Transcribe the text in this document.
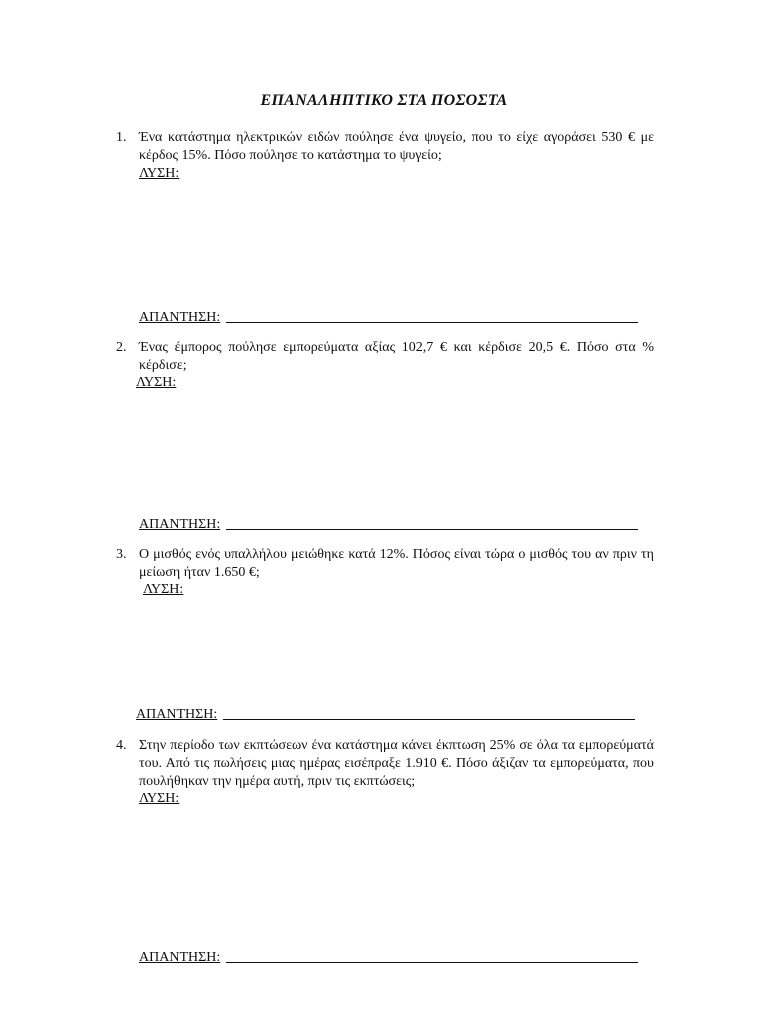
ΕΠΑΝΑΛΗΠΤΙΚΟ ΣΤΑ ΠΟΣΟΣΤΑ
1. Ένα κατάστημα ηλεκτρικών ειδών πούλησε ένα ψυγείο, που το είχε αγοράσει 530 € με κέρδος 15%. Πόσο πούλησε το κατάστημα το ψυγείο;
ΛΥΣΗ:
ΑΠΑΝΤΗΣΗ:
2. Ένας έμπορος πούλησε εμπορεύματα αξίας 102,7 € και κέρδισε 20,5 €. Πόσο στα % κέρδισε;
ΛΥΣΗ:
ΑΠΑΝΤΗΣΗ:
3. Ο μισθός ενός υπαλλήλου μειώθηκε κατά 12%. Πόσος είναι τώρα ο μισθός του αν πριν τη μείωση ήταν 1.650 €;
ΛΥΣΗ:
ΑΠΑΝΤΗΣΗ:
4. Στην περίοδο των εκπτώσεων ένα κατάστημα κάνει έκπτωση 25% σε όλα τα εμπορεύματά του. Από τις πωλήσεις μιας ημέρας εισέπραξε 1.910 €. Πόσο άξιζαν τα εμπορεύματα, που πουλήθηκαν την ημέρα αυτή, πριν τις εκπτώσεις;
ΛΥΣΗ:
ΑΠΑΝΤΗΣΗ:
